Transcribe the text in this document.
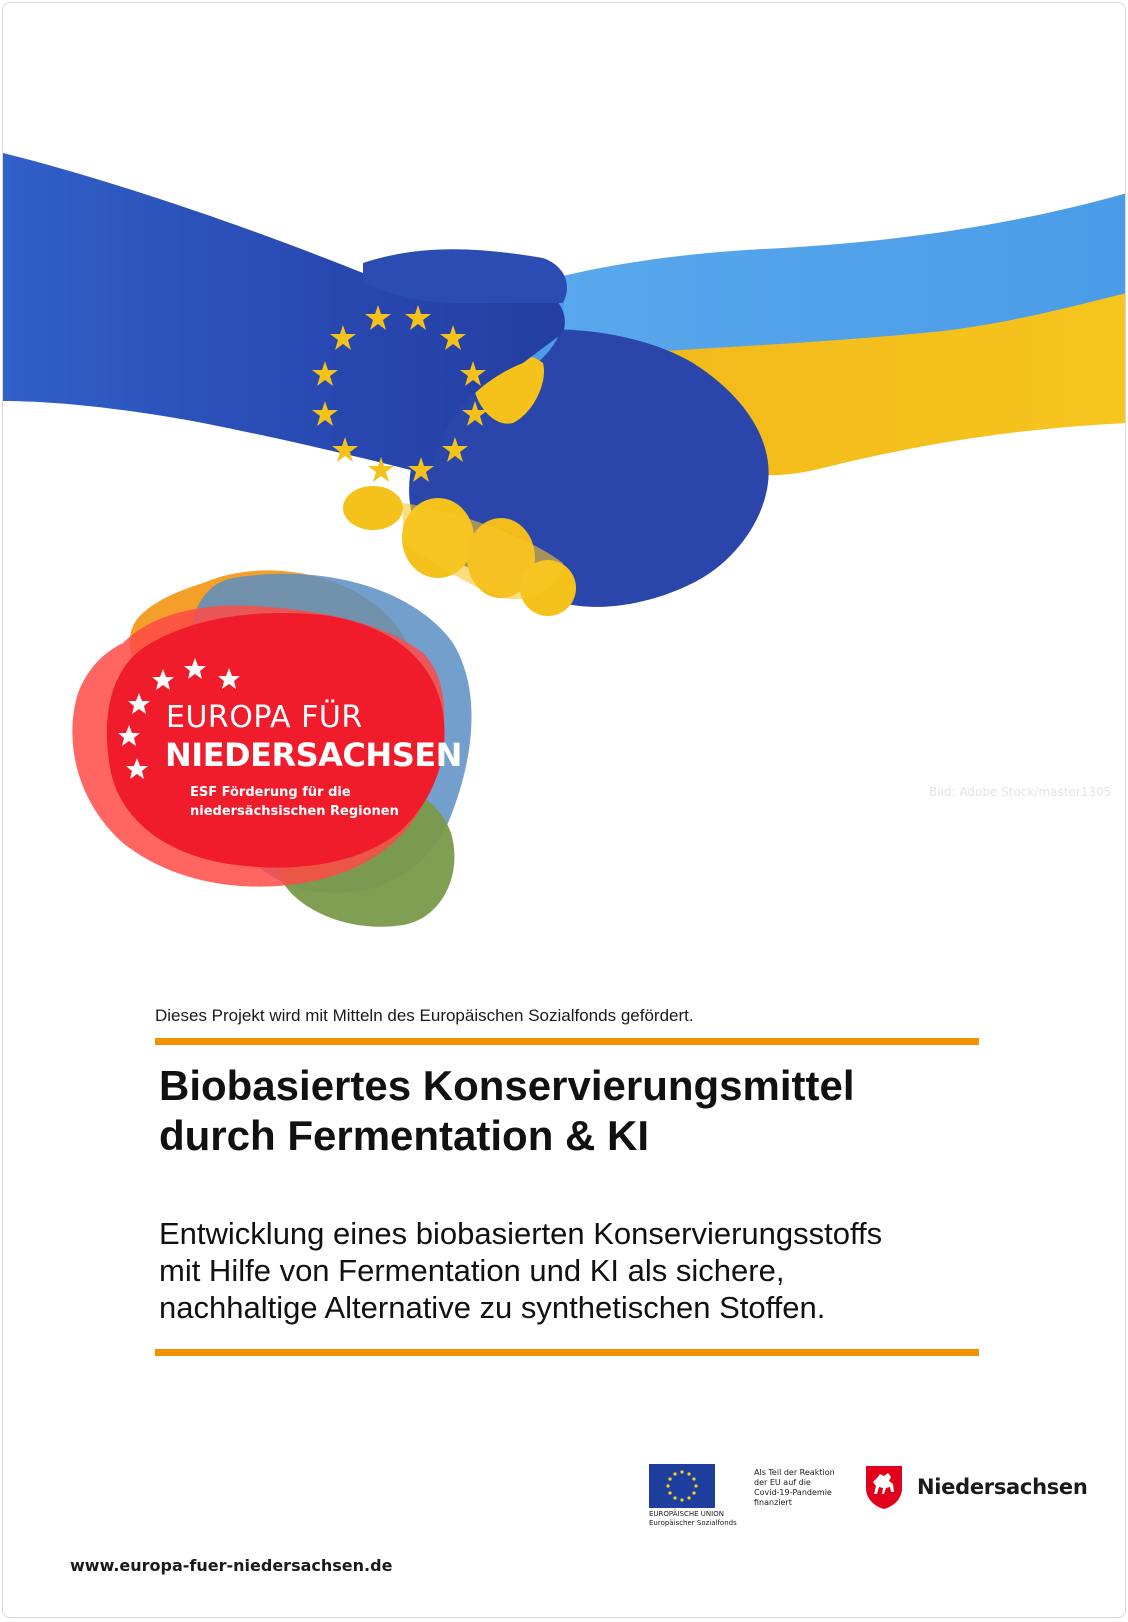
EUROPA FÜR
NIEDERSACHSEN
ESF Förderung für die
niedersächsischen Regionen
Bild: Adobe Stock/master1305
Dieses Projekt wird mit Mitteln des Europäischen Sozialfonds gefördert.
Biobasiertes Konservierungsmittel
durch Fermentation & KI
Entwicklung eines biobasierten Konservierungsstoffs
mit Hilfe von Fermentation und KI als sichere,
nachhaltige Alternative zu synthetischen Stoffen.
EUROPÄISCHE UNION
Europäischer Sozialfonds
Als Teil der Reaktion
der EU auf die
Covid-19-Pandemie
finanziert
Niedersachsen
www.europa-fuer-niedersachsen.de
